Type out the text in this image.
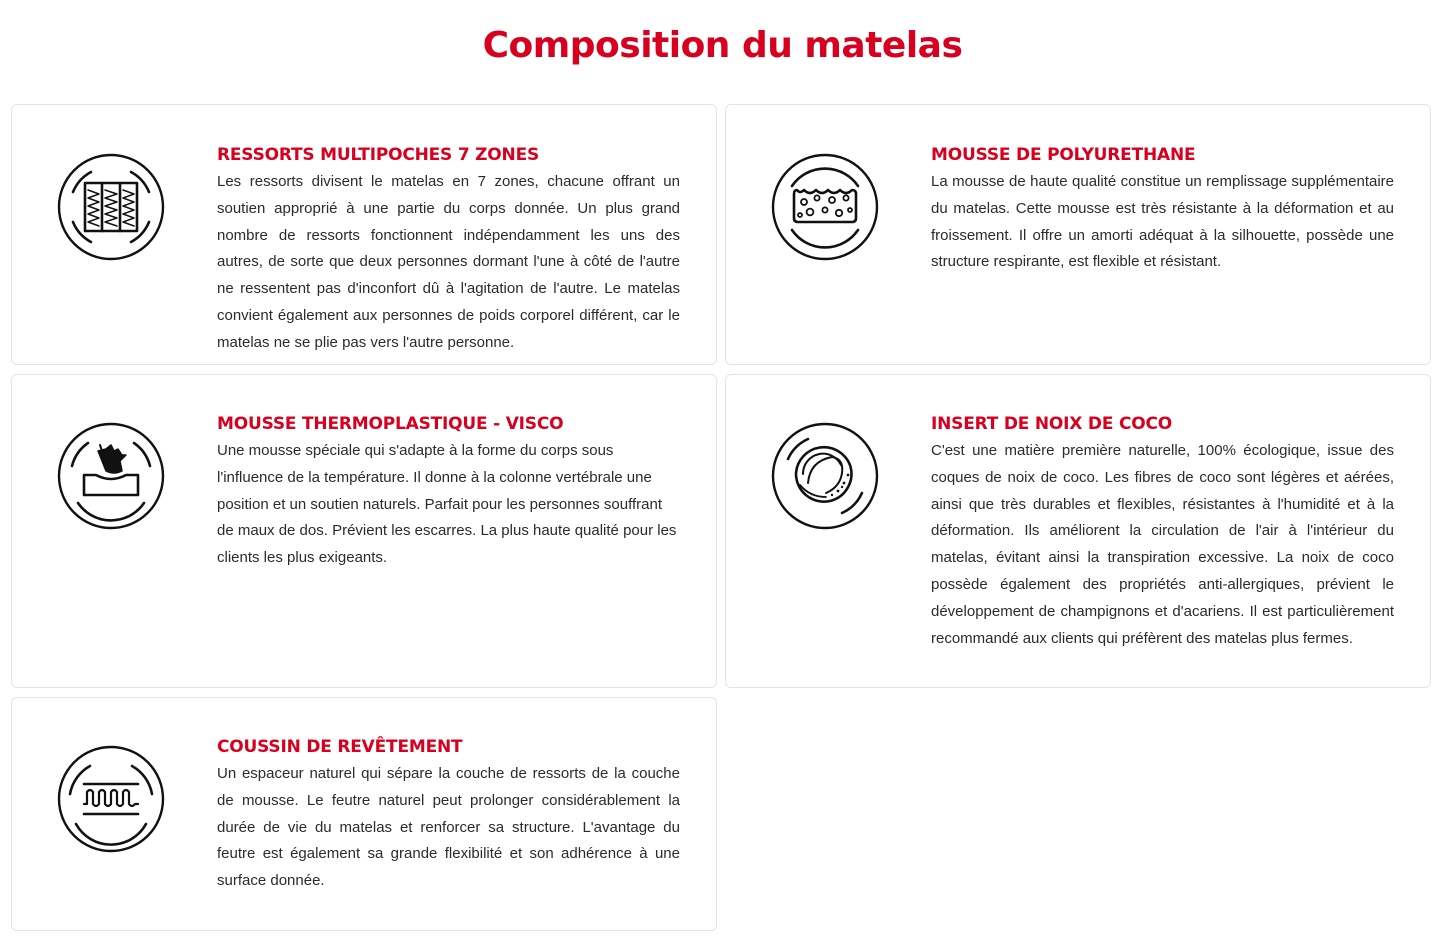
Composition du matelas
RESSORTS MULTIPOCHES 7 ZONES

Les ressorts divisent le matelas en 7 zones, chacune offrant un soutien approprié à une partie du corps donnée. Un plus grand nombre de ressorts fonctionnent indépendamment les uns des autres, de sorte que deux personnes dormant l'une à côté de l'autre ne ressentent pas d'inconfort dû à l'agitation de l'autre. Le matelas convient également aux personnes de poids corporel différent, car le matelas ne se plie pas vers l'autre personne.

MOUSSE DE POLYURETHANE

La mousse de haute qualité constitue un remplissage supplémentaire du matelas. Cette mousse est très résistante à la déformation et au froissement. Il offre un amorti adéquat à la silhouette, possède une structure respirante, est flexible et résistant.

MOUSSE THERMOPLASTIQUE - VISCO

Une mousse spéciale qui s'adapte à la forme du corps sous l'influence de la température. Il donne à la colonne vertébrale une position et un soutien naturels. Parfait pour les personnes souffrant de maux de dos. Prévient les escarres. La plus haute qualité pour les clients les plus exigeants.

INSERT DE NOIX DE COCO

C'est une matière première naturelle, 100% écologique, issue des coques de noix de coco. Les fibres de coco sont légères et aérées, ainsi que très durables et flexibles, résistantes à l'humidité et à la déformation. Ils améliorent la circulation de l'air à l'intérieur du matelas, évitant ainsi la transpiration excessive. La noix de coco possède également des propriétés anti-allergiques, prévient le développement de champignons et d'acariens. Il est particulièrement recommandé aux clients qui préfèrent des matelas plus fermes.

COUSSIN DE REVÊTEMENT

Un espaceur naturel qui sépare la couche de ressorts de la couche de mousse. Le feutre naturel peut prolonger considérablement la durée de vie du matelas et renforcer sa structure. L'avantage du feutre est également sa grande flexibilité et son adhérence à une surface donnée.
